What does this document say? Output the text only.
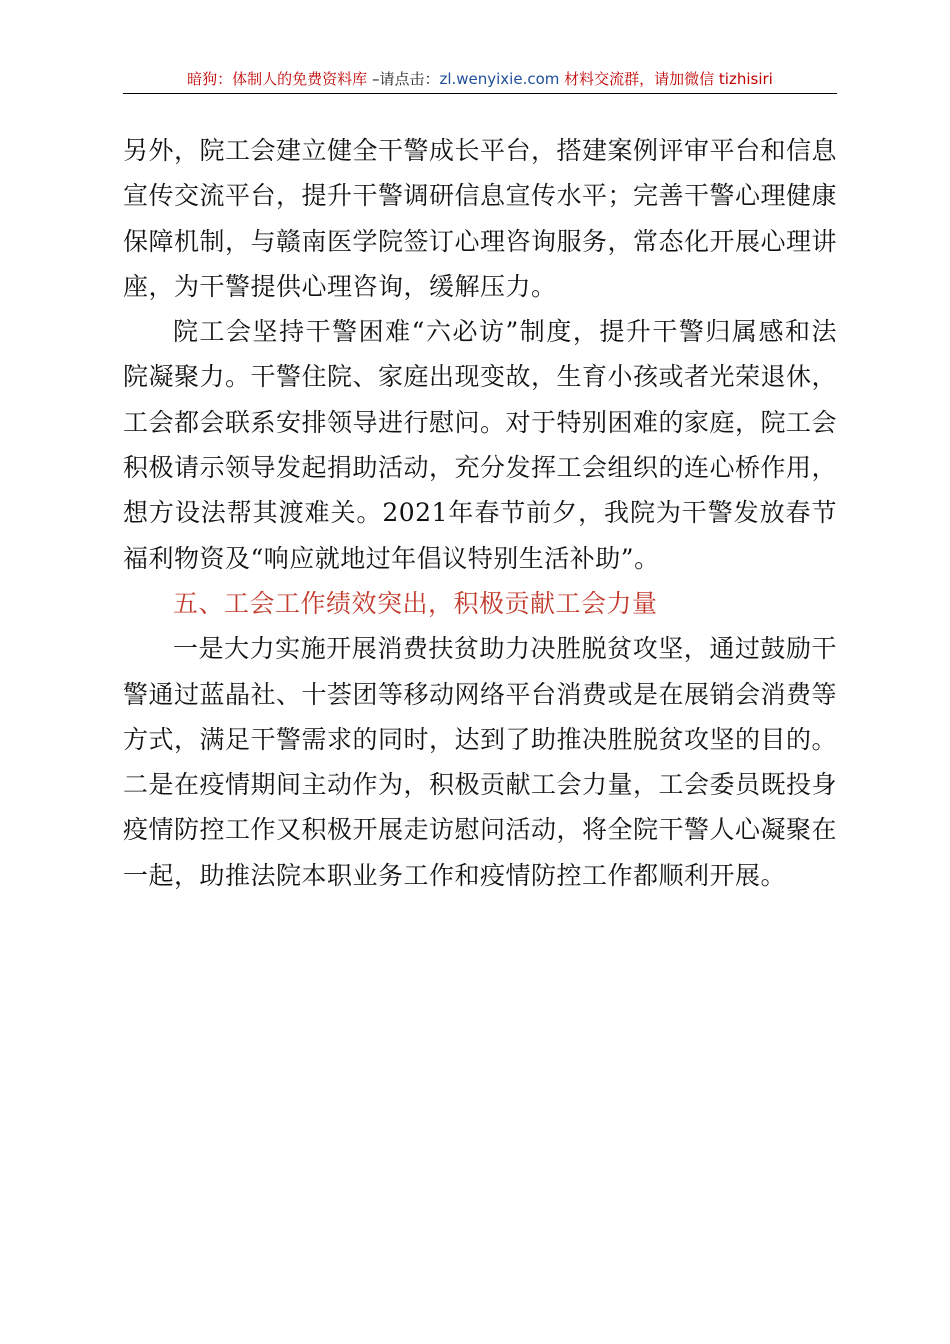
暗狗：体制人的免费资料库 –请点击：zl.wenyixie.com 材料交流群，请加微信 tizhisiri

另外，院工会建立健全干警成长平台，搭建案例评审平台和信息宣传交流平台，提升干警调研信息宣传水平；完善干警心理健康保障机制，与赣南医学院签订心理咨询服务，常态化开展心理讲座，为干警提供心理咨询，缓解压力。

院工会坚持干警困难“六必访”制度，提升干警归属感和法院凝聚力。干警住院、家庭出现变故，生育小孩或者光荣退休，工会都会联系安排领导进行慰问。对于特别困难的家庭，院工会积极请示领导发起捐助活动，充分发挥工会组织的连心桥作用，想方设法帮其渡难关。2021年春节前夕，我院为干警发放春节福利物资及“响应就地过年倡议特别生活补助”。

五、工会工作绩效突出，积极贡献工会力量

一是大力实施开展消费扶贫助力决胜脱贫攻坚，通过鼓励干警通过蓝晶社、十荟团等移动网络平台消费或是在展销会消费等方式，满足干警需求的同时，达到了助推决胜脱贫攻坚的目的。二是在疫情期间主动作为，积极贡献工会力量，工会委员既投身疫情防控工作又积极开展走访慰问活动，将全院干警人心凝聚在一起，助推法院本职业务工作和疫情防控工作都顺利开展。
